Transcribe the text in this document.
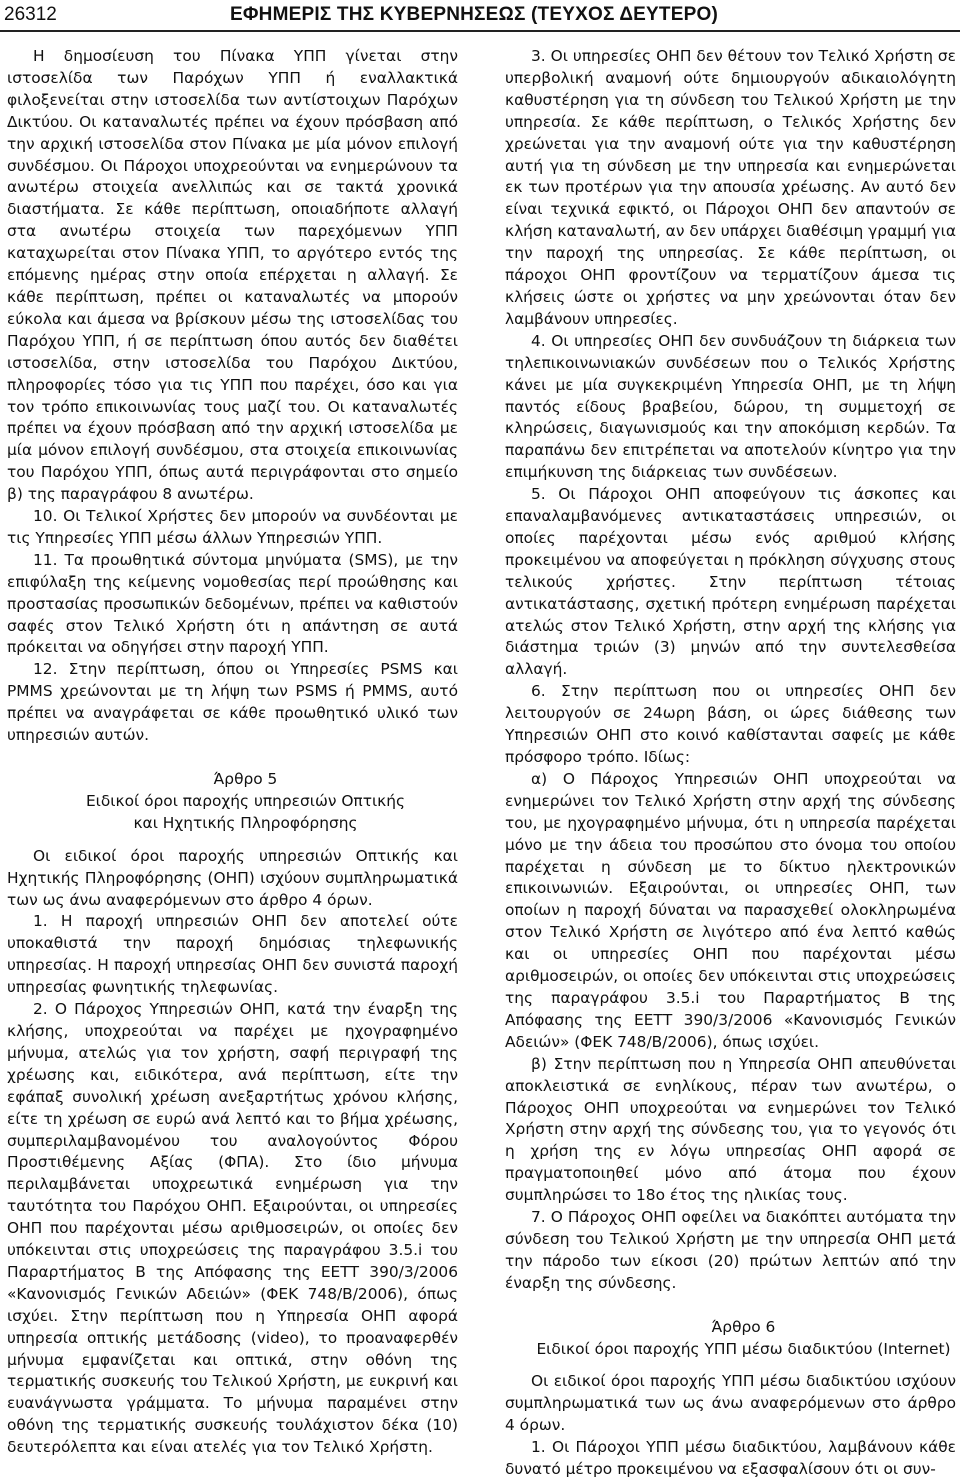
26312	ΕΦΗΜΕΡΙΣ ΤΗΣ ΚΥΒΕΡΝΗΣΕΩΣ (ΤΕΥΧΟΣ ΔΕΥΤΕΡΟ)

Η δημοσίευση του Πίνακα ΥΠΠ γίνεται στην ιστοσελίδα των Παρόχων ΥΠΠ ή εναλλακτικά φιλοξενείται στην ιστοσελίδα των αντίστοιχων Παρόχων Δικτύου. Οι καταναλωτές πρέπει να έχουν πρόσβαση από την αρχική ιστοσελίδα στον Πίνακα με μία μόνον επιλογή συνδέσμου. Οι Πάροχοι υποχρεούνται να ενημερώνουν τα ανωτέρω στοιχεία ανελλιπώς και σε τακτά χρονικά διαστήματα. Σε κάθε περίπτωση, οποιαδήποτε αλλαγή στα ανωτέρω στοιχεία των παρεχόμενων ΥΠΠ καταχωρείται στον Πίνακα ΥΠΠ, το αργότερο εντός της επόμενης ημέρας στην οποία επέρχεται η αλλαγή. Σε κάθε περίπτωση, πρέπει οι καταναλωτές να μπορούν εύκολα και άμεσα να βρίσκουν μέσω της ιστοσελίδας του Παρόχου ΥΠΠ, ή σε περίπτωση όπου αυτός δεν διαθέτει ιστοσελίδα, στην ιστοσελίδα του Παρόχου Δικτύου, πληροφορίες τόσο για τις ΥΠΠ που παρέχει, όσο και για τον τρόπο επικοινωνίας τους μαζί του. Οι καταναλωτές πρέπει να έχουν πρόσβαση από την αρχική ιστοσελίδα με μία μόνον επιλογή συνδέσμου, στα στοιχεία επικοινωνίας του Παρόχου ΥΠΠ, όπως αυτά περιγράφονται στο σημείο β) της παραγράφου 8 ανωτέρω.

10. Οι Τελικοί Χρήστες δεν μπορούν να συνδέονται με τις Υπηρεσίες ΥΠΠ μέσω άλλων Υπηρεσιών ΥΠΠ.

11. Τα προωθητικά σύντομα μηνύματα (SMS), με την επιφύλαξη της κείμενης νομοθεσίας περί προώθησης και προστασίας προσωπικών δεδομένων, πρέπει να καθιστούν σαφές στον Τελικό Χρήστη ότι η απάντηση σε αυτά πρόκειται να οδηγήσει στην παροχή ΥΠΠ.

12. Στην περίπτωση, όπου οι Υπηρεσίες PSMS και PMMS χρεώνονται με τη λήψη των PSMS ή PMMS, αυτό πρέπει να αναγράφεται σε κάθε προωθητικό υλικό των υπηρεσιών αυτών.

Άρθρο 5

Ειδικοί όροι παροχής υπηρεσιών Οπτικής

και Ηχητικής Πληροφόρησης

Οι ειδικοί όροι παροχής υπηρεσιών Οπτικής και Ηχητικής Πληροφόρησης (ΟΗΠ) ισχύουν συμπληρωματικά των ως άνω αναφερόμενων στο άρθρο 4 όρων.

1. Η παροχή υπηρεσιών ΟΗΠ δεν αποτελεί ούτε υποκαθιστά την παροχή δημόσιας τηλεφωνικής υπηρεσίας. Η παροχή υπηρεσίας ΟΗΠ δεν συνιστά παροχή υπηρεσίας φωνητικής τηλεφωνίας.

2. Ο Πάροχος Υπηρεσιών ΟΗΠ, κατά την έναρξη της κλήσης, υποχρεούται να παρέχει με ηχογραφημένο μήνυμα, ατελώς για τον χρήστη, σαφή περιγραφή της χρέωσης και, ειδικότερα, ανά περίπτωση, είτε την εφάπαξ συνολική χρέωση ανεξαρτήτως χρόνου κλήσης, είτε τη χρέωση σε ευρώ ανά λεπτό και το βήμα χρέωσης, συμπεριλαμβανομένου του αναλογούντος Φόρου Προστιθέμενης Αξίας (ΦΠΑ). Στο ίδιο μήνυμα περιλαμβάνεται υποχρεωτικά ενημέρωση για την ταυτότητα του Παρόχου ΟΗΠ. Εξαιρούνται, οι υπηρεσίες ΟΗΠ που παρέχονται μέσω αριθμοσειρών, οι οποίες δεν υπόκεινται στις υποχρεώσεις της παραγράφου 3.5.i του Παραρτήματος Β της Απόφασης της ΕΕΤΤ 390/3/2006 «Κανονισμός Γενικών Αδειών» (ΦΕΚ 748/Β/2006), όπως ισχύει. Στην περίπτωση που η Υπηρεσία ΟΗΠ αφορά υπηρεσία οπτικής μετάδοσης (video), το προαναφερθέν μήνυμα εμφανίζεται και οπτικά, στην οθόνη της τερματικής συσκευής του Τελικού Χρήστη, με ευκρινή και ευανάγνωστα γράμματα. Το μήνυμα παραμένει στην οθόνη της τερματικής συσκευής τουλάχιστον δέκα (10) δευτερόλεπτα και είναι ατελές για τον Τελικό Χρήστη.

3. Οι υπηρεσίες ΟΗΠ δεν θέτουν τον Τελικό Χρήστη σε υπερβολική αναμονή ούτε δημιουργούν αδικαιολόγητη καθυστέρηση για τη σύνδεση του Τελικού Χρήστη με την υπηρεσία. Σε κάθε περίπτωση, ο Τελικός Χρήστης δεν χρεώνεται για την αναμονή ούτε για την καθυστέρηση αυτή για τη σύνδεση με την υπηρεσία και ενημερώνεται εκ των προτέρων για την απουσία χρέωσης. Αν αυτό δεν είναι τεχνικά εφικτό, οι Πάροχοι ΟΗΠ δεν απαντούν σε κλήση καταναλωτή, αν δεν υπάρχει διαθέσιμη γραμμή για την παροχή της υπηρεσίας. Σε κάθε περίπτωση, οι πάροχοι ΟΗΠ φροντίζουν να τερματίζουν άμεσα τις κλήσεις ώστε οι χρήστες να μην χρεώνονται όταν δεν λαμβάνουν υπηρεσίες.

4. Οι υπηρεσίες ΟΗΠ δεν συνδυάζουν τη διάρκεια των τηλεπικοινωνιακών συνδέσεων που ο Τελικός Χρήστης κάνει με μία συγκεκριμένη Υπηρεσία ΟΗΠ, με τη λήψη παντός είδους βραβείου, δώρου, τη συμμετοχή σε κληρώσεις, διαγωνισμούς και την αποκόμιση κερδών. Τα παραπάνω δεν επιτρέπεται να αποτελούν κίνητρο για την επιμήκυνση της διάρκειας των συνδέσεων.

5. Οι Πάροχοι ΟΗΠ αποφεύγουν τις άσκοπες και επαναλαμβανόμενες αντικαταστάσεις υπηρεσιών, οι οποίες παρέχονται μέσω ενός αριθμού κλήσης προκειμένου να αποφεύγεται η πρόκληση σύγχυσης στους τελικούς χρήστες. Στην περίπτωση τέτοιας αντικατάστασης, σχετική πρότερη ενημέρωση παρέχεται ατελώς στον Τελικό Χρήστη, στην αρχή της κλήσης για διάστημα τριών (3) μηνών από την συντελεσθείσα αλλαγή.

6. Στην περίπτωση που οι υπηρεσίες ΟΗΠ δεν λειτουργούν σε 24ωρη βάση, οι ώρες διάθεσης των Υπηρεσιών ΟΗΠ στο κοινό καθίστανται σαφείς με κάθε πρόσφορο τρόπο. Ιδίως:

α) Ο Πάροχος Υπηρεσιών ΟΗΠ υποχρεούται να ενημερώνει τον Τελικό Χρήστη στην αρχή της σύνδεσης του, με ηχογραφημένο μήνυμα, ότι η υπηρεσία παρέχεται μόνο με την άδεια του προσώπου στο όνομα του οποίου παρέχεται η σύνδεση με το δίκτυο ηλεκτρονικών επικοινωνιών. Εξαιρούνται, οι υπηρεσίες ΟΗΠ, των οποίων η παροχή δύναται να παρασχεθεί ολοκληρωμένα στον Τελικό Χρήστη σε λιγότερο από ένα λεπτό καθώς και οι υπηρεσίες ΟΗΠ που παρέχονται μέσω αριθμοσειρών, οι οποίες δεν υπόκεινται στις υποχρεώσεις της παραγράφου 3.5.i του Παραρτήματος Β της Απόφασης της ΕΕΤΤ 390/3/2006 «Κανονισμός Γενικών Αδειών» (ΦΕΚ 748/Β/2006), όπως ισχύει.

β) Στην περίπτωση που η Υπηρεσία ΟΗΠ απευθύνεται αποκλειστικά σε ενηλίκους, πέραν των ανωτέρω, ο Πάροχος ΟΗΠ υποχρεούται να ενημερώνει τον Τελικό Χρήστη στην αρχή της σύνδεσης του, για το γεγονός ότι η χρήση της εν λόγω υπηρεσίας ΟΗΠ αφορά σε πραγματοποιηθεί μόνο από άτομα που έχουν συμπληρώσει το 18ο έτος της ηλικίας τους.

7. Ο Πάροχος ΟΗΠ οφείλει να διακόπτει αυτόματα την σύνδεση του Τελικού Χρήστη με την υπηρεσία ΟΗΠ μετά την πάροδο των είκοσι (20) πρώτων λεπτών από την έναρξη της σύνδεσης.

Άρθρο 6

Ειδικοί όροι παροχής ΥΠΠ μέσω διαδικτύου (Internet)

Οι ειδικοί όροι παροχής ΥΠΠ μέσω διαδικτύου ισχύουν συμπληρωματικά των ως άνω αναφερόμενων στο άρθρο 4 όρων.

1. Οι Πάροχοι ΥΠΠ μέσω διαδικτύου, λαμβάνουν κάθε δυνατό μέτρο προκειμένου να εξασφαλίσουν ότι οι συν-
